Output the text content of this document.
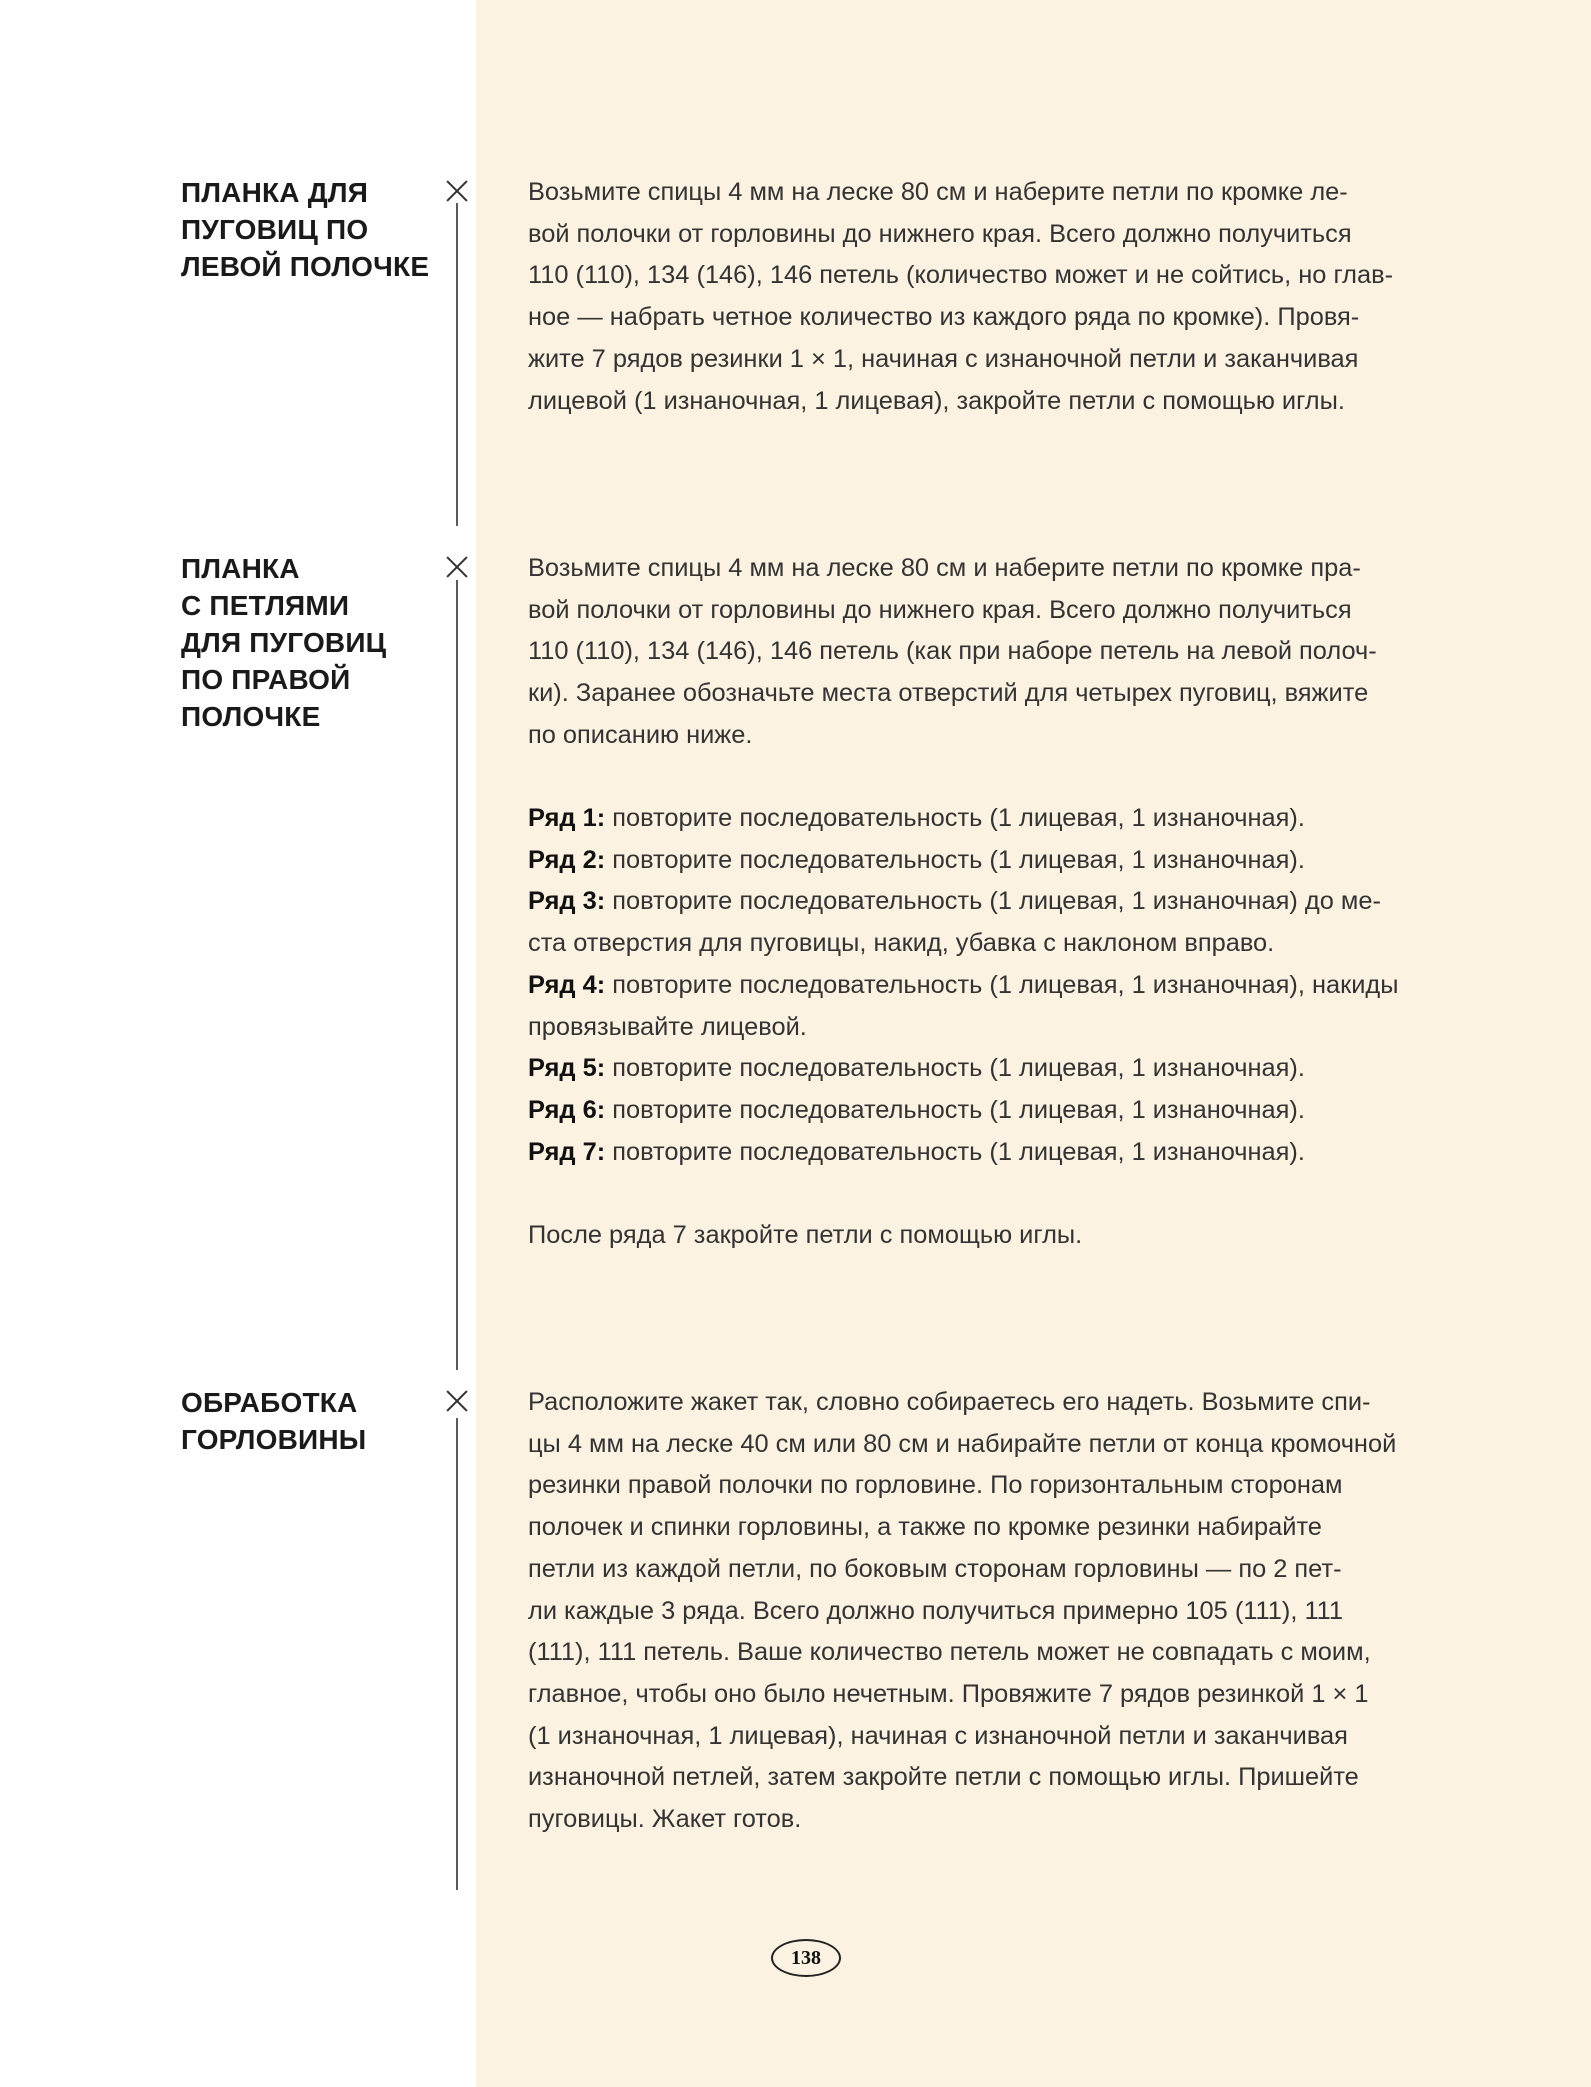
ПЛАНКА ДЛЯ
ПУГОВИЦ ПО
ЛЕВОЙ ПОЛОЧКЕ
Возьмите спицы 4 мм на леске 80 см и наберите петли по кромке ле-
вой полочки от горловины до нижнего края. Всего должно получиться
110 (110), 134 (146), 146 петель (количество может и не сойтись, но глав-
ное — набрать четное количество из каждого ряда по кромке). Провя-
жите 7 рядов резинки 1 × 1, начиная с изнаночной петли и заканчивая
лицевой (1 изнаночная, 1 лицевая), закройте петли с помощью иглы.
ПЛАНКА
С ПЕТЛЯМИ
ДЛЯ ПУГОВИЦ
ПО ПРАВОЙ
ПОЛОЧКЕ
Возьмите спицы 4 мм на леске 80 см и наберите петли по кромке пра-
вой полочки от горловины до нижнего края. Всего должно получиться
110 (110), 134 (146), 146 петель (как при наборе петель на левой полоч-
ки). Заранее обозначьте места отверстий для четырех пуговиц, вяжите
по описанию ниже.
Ряд 1: повторите последовательность (1 лицевая, 1 изнаночная).
Ряд 2: повторите последовательность (1 лицевая, 1 изнаночная).
Ряд 3: повторите последовательность (1 лицевая, 1 изнаночная) до ме-
ста отверстия для пуговицы, накид, убавка с наклоном вправо.
Ряд 4: повторите последовательность (1 лицевая, 1 изнаночная), накиды
провязывайте лицевой.
Ряд 5: повторите последовательность (1 лицевая, 1 изнаночная).
Ряд 6: повторите последовательность (1 лицевая, 1 изнаночная).
Ряд 7: повторите последовательность (1 лицевая, 1 изнаночная).
После ряда 7 закройте петли с помощью иглы.
ОБРАБОТКА
ГОРЛОВИНЫ
Расположите жакет так, словно собираетесь его надеть. Возьмите спи-
цы 4 мм на леске 40 см или 80 см и набирайте петли от конца кромочной
резинки правой полочки по горловине. По горизонтальным сторонам
полочек и спинки горловины, а также по кромке резинки набирайте
петли из каждой петли, по боковым сторонам горловины — по 2 пет-
ли каждые 3 ряда. Всего должно получиться примерно 105 (111), 111
(111), 111 петель. Ваше количество петель может не совпадать с моим,
главное, чтобы оно было нечетным. Провяжите 7 рядов резинкой 1 × 1
(1 изнаночная, 1 лицевая), начиная с изнаночной петли и заканчивая
изнаночной петлей, затем закройте петли с помощью иглы. Пришейте
пуговицы. Жакет готов.
138
